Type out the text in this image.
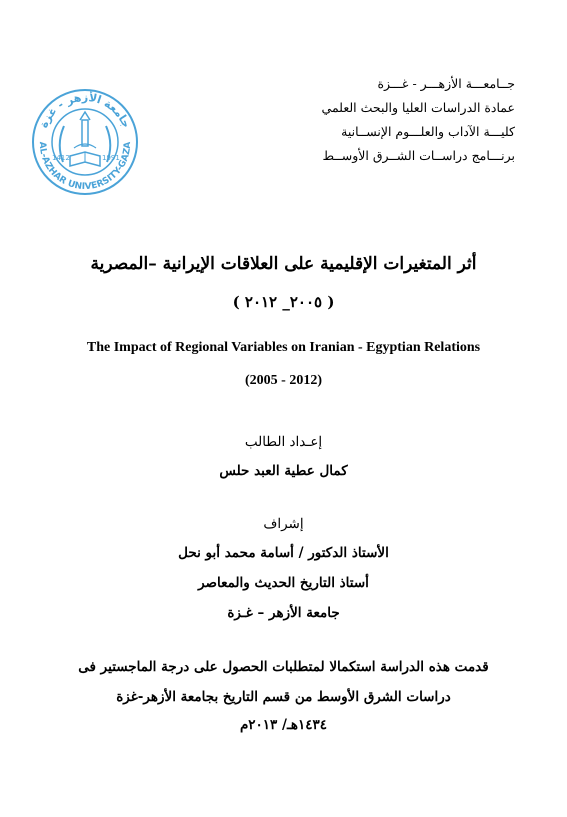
جــامعـــة الأزهـــر - غـــزة
عمادة الدراسات العليا والبحث العلمي
كليـــة الآداب والعلـــوم الإنســانية
برنـــامج دراســات الشــرق الأوســط
جامعة الأزهر - غزة
AL-AZHAR UNIVERSITY-GAZA
1412	1991
أثر المتغيرات الإقليمية على العلاقات الإيرانية –المصرية
( ٢٠٠٥_ ٢٠١٢ )
The Impact of Regional Variables on Iranian - Egyptian Relations
(2005 - 2012)
إعـداد الطالب
كمال عطية العبد حلس
إشراف
الأستاذ الدكتور / أسامة محمد أبو نحل
أستاذ التاريخ الحديث والمعاصر
جامعة الأزهر – غـزة
قدمت هذه الدراسة استكمالا لمتطلبات الحصول على درجة الماجستير فى
دراسات الشرق الأوسط من قسم التاريخ بجامعة الأزهر-غزة
١٤٣٤هـ/ ٢٠١٣م
